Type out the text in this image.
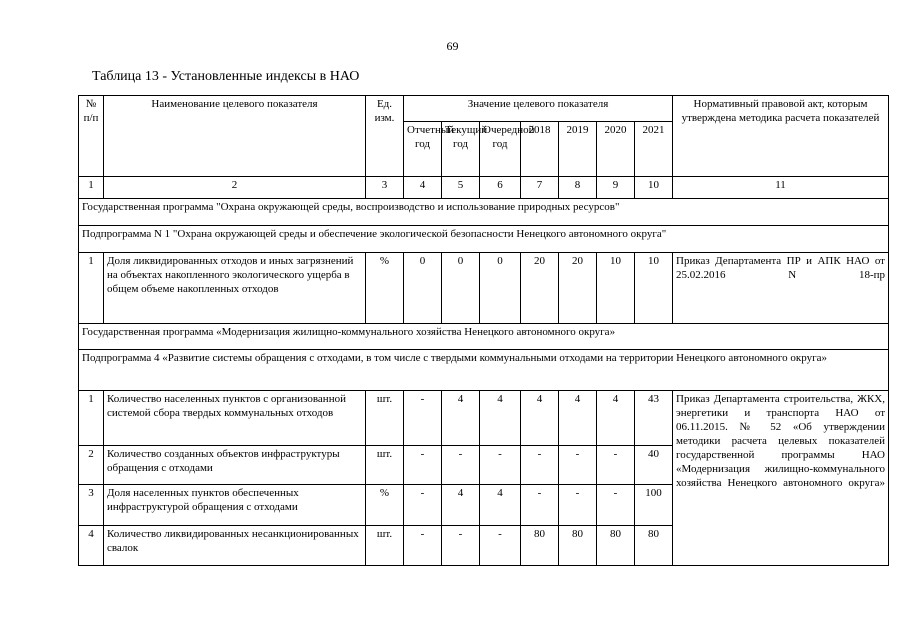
69
Таблица 13 - Установленные индексы в НАО
№ п/п	Наименование целевого показателя	Ед. изм.	Значение целевого показателя							Нормативный правовой акт, которым утверждена методика расчета показателей
			Отчетный год	Текущий год	Очередной год	2018	2019	2020	2021	
1	2	3	4	5	6	7	8	9	10	11
Государственная программа "Охрана окружающей среды, воспроизводство и использование природных ресурсов"										
Подпрограмма N 1 "Охрана окружающей среды и обеспечение экологической безопасности Ненецкого автономного округа"										
1	Доля ликвидированных отходов и иных загрязнений на объектах накопленного экологического ущерба в общем объеме накопленных отходов	%	0	0	0	20	20	10	10	Приказ Департамента ПР и АПК НАО от 25.02.2016 N 18-пр
Государственная программа «Модернизация жилищно-коммунального хозяйства Ненецкого автономного округа»										
Подпрограмма 4 «Развитие системы обращения с отходами, в том числе с твердыми коммунальными отходами на территории Ненецкого автономного округа»										
1	Количество населенных пунктов с организованной системой сбора твердых коммунальных отходов	шт.	-	4	4	4	4	4	43	Приказ Департамента строительства, ЖКХ, энергетики и транспорта НАО от 06.11.2015. № 52 «Об утверждении методики расчета целевых показателей государственной программы НАО «Модернизация жилищно-коммунального хозяйства Ненецкого автономного округа»
2	Количество созданных объектов инфраструктуры обращения с отходами	шт.	-	-	-	-	-	-	40	
3	Доля населенных пунктов обеспеченных инфраструктурой обращения с отходами	%	-	4	4	-	-	-	100	
4	Количество ликвидированных несанкционированных свалок	шт.	-	-	-	80	80	80	80	
